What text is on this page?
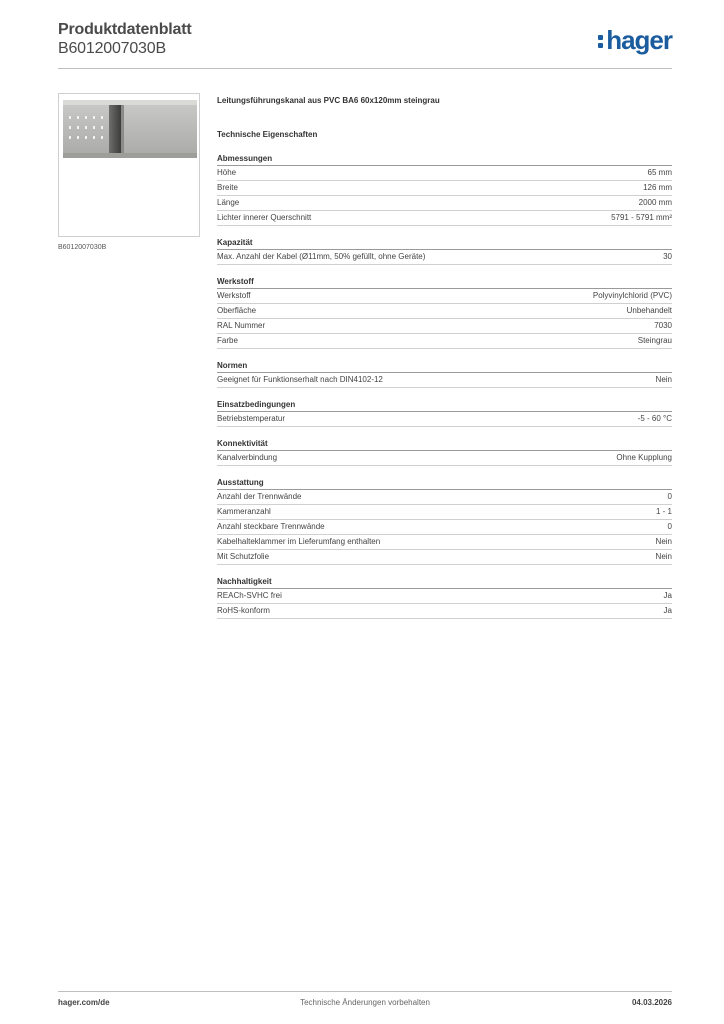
Produktdatenblatt
B6012007030B	hager
B6012007030B
Leitungsführungskanal aus PVC BA6 60x120mm steingrau
Technische Eigenschaften
Abmessungen
Höhe	65 mm
Breite	126 mm
Länge	2000 mm
Lichter innerer Querschnitt	5791 - 5791 mm²
Kapazität
Max. Anzahl der Kabel (Ø11mm, 50% gefüllt, ohne Geräte)	30
Werkstoff
Werkstoff	Polyvinylchlorid (PVC)
Oberfläche	Unbehandelt
RAL Nummer	7030
Farbe	Steingrau
Normen
Geeignet für Funktionserhalt nach DIN4102-12	Nein
Einsatzbedingungen
Betriebstemperatur	-5 - 60 °C
Konnektivität
Kanalverbindung	Ohne Kupplung
Ausstattung
Anzahl der Trennwände	0
Kammeranzahl	1 - 1
Anzahl steckbare Trennwände	0
Kabelhalteklammer im Lieferumfang enthalten	Nein
Mit Schutzfolie	Nein
Nachhaltigkeit
REACh-SVHC frei	Ja
RoHS-konform	Ja
hager.com/de	Technische Änderungen vorbehalten	04.03.2026
